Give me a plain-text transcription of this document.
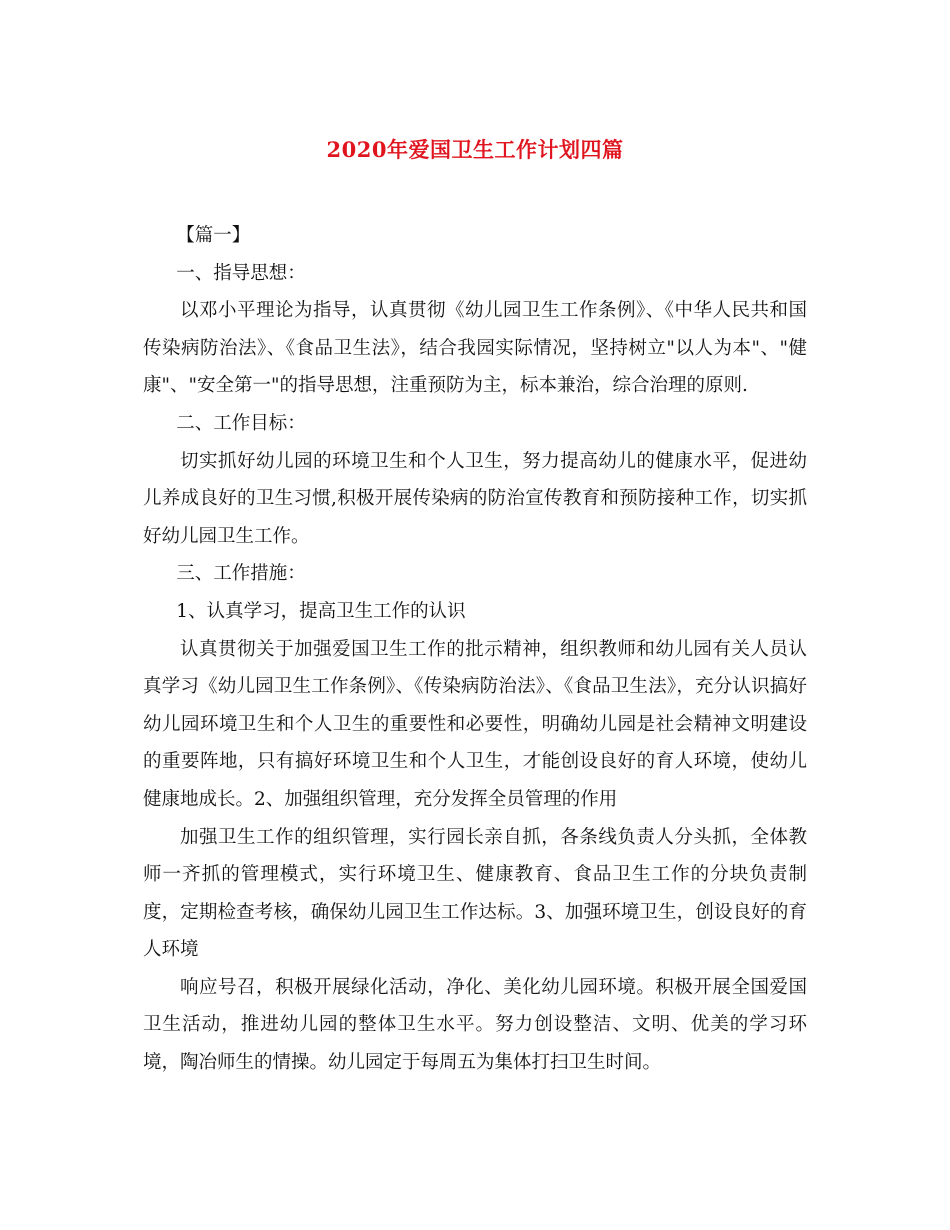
2020年爱国卫生工作计划四篇

【篇一】

一、指导思想：

以邓小平理论为指导，认真贯彻《幼儿园卫生工作条例》、《中华人民共和国传染病防治法》、《食品卫生法》，结合我园实际情况，坚持树立"以人为本"、"健康"、"安全第一"的指导思想，注重预防为主，标本兼治，综合治理的原则.

二、工作目标：

切实抓好幼儿园的环境卫生和个人卫生，努力提高幼儿的健康水平，促进幼儿养成良好的卫生习惯,积极开展传染病的防治宣传教育和预防接种工作，切实抓好幼儿园卫生工作。

三、工作措施：

1、认真学习，提高卫生工作的认识

认真贯彻关于加强爱国卫生工作的批示精神，组织教师和幼儿园有关人员认真学习《幼儿园卫生工作条例》、《传染病防治法》、《食品卫生法》，充分认识搞好幼儿园环境卫生和个人卫生的重要性和必要性，明确幼儿园是社会精神文明建设的重要阵地，只有搞好环境卫生和个人卫生，才能创设良好的育人环境，使幼儿健康地成长。2、加强组织管理，充分发挥全员管理的作用

加强卫生工作的组织管理，实行园长亲自抓，各条线负责人分头抓，全体教师一齐抓的管理模式，实行环境卫生、健康教育、食品卫生工作的分块负责制度，定期检查考核，确保幼儿园卫生工作达标。3、加强环境卫生，创设良好的育人环境

响应号召，积极开展绿化活动，净化、美化幼儿园环境。积极开展全国爱国卫生活动，推进幼儿园的整体卫生水平。努力创设整洁、文明、优美的学习环境，陶冶师生的情操。幼儿园定于每周五为集体打扫卫生时间。
